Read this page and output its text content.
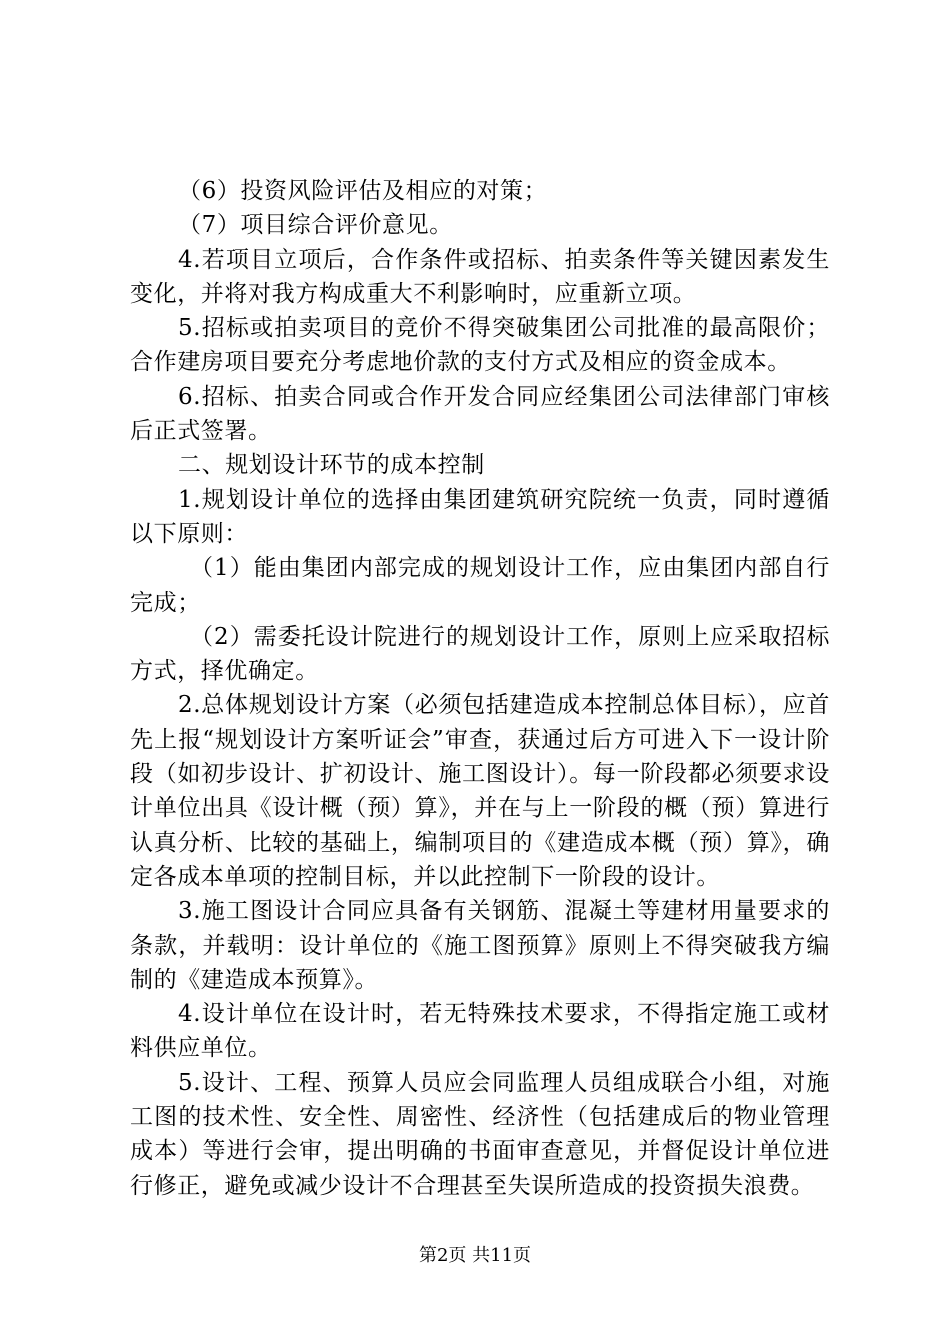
（6）投资风险评估及相应的对策；

（7）项目综合评价意见。

4.若项目立项后，合作条件或招标、拍卖条件等关键因素发生变化，并将对我方构成重大不利影响时，应重新立项。

5.招标或拍卖项目的竞价不得突破集团公司批准的最高限价；合作建房项目要充分考虑地价款的支付方式及相应的资金成本。

6.招标、拍卖合同或合作开发合同应经集团公司法律部门审核后正式签署。

二、规划设计环节的成本控制

1.规划设计单位的选择由集团建筑研究院统一负责，同时遵循以下原则：

（1）能由集团内部完成的规划设计工作，应由集团内部自行完成；

（2）需委托设计院进行的规划设计工作，原则上应采取招标方式，择优确定。

2.总体规划设计方案（必须包括建造成本控制总体目标），应首先上报“规划设计方案听证会”审查，获通过后方可进入下一设计阶段（如初步设计、扩初设计、施工图设计）。每一阶段都必须要求设计单位出具《设计概（预）算》，并在与上一阶段的概（预）算进行认真分析、比较的基础上，编制项目的《建造成本概（预）算》，确定各成本单项的控制目标，并以此控制下一阶段的设计。

3.施工图设计合同应具备有关钢筋、混凝土等建材用量要求的条款，并载明：设计单位的《施工图预算》原则上不得突破我方编制的《建造成本预算》。

4.设计单位在设计时，若无特殊技术要求，不得指定施工或材料供应单位。

5.设计、工程、预算人员应会同监理人员组成联合小组，对施工图的技术性、安全性、周密性、经济性（包括建成后的物业管理成本）等进行会审，提出明确的书面审查意见，并督促设计单位进行修正，避免或减少设计不合理甚至失误所造成的投资损失浪费。

第2页 共11页
